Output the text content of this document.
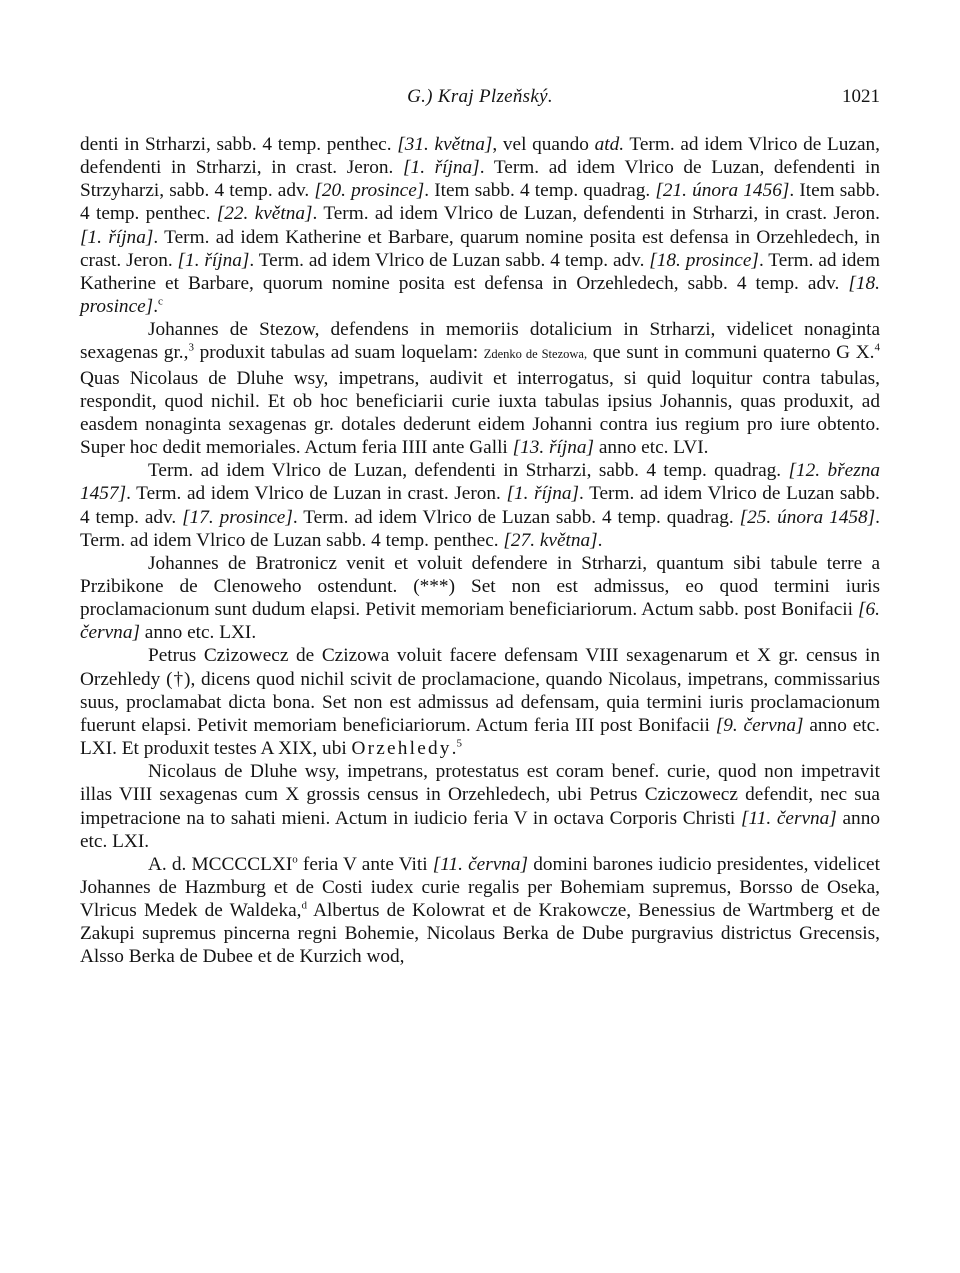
G.) Kraj Plzeňský.	1021

denti in Strharzi, sabb. 4 temp. penthec. [31. května], vel quando atd. Term. ad idem Vlrico de Luzan, defendenti in Strharzi, in crast. Jeron. [1. října]. Term. ad idem Vlrico de Luzan, defendenti in Strzyharzi, sabb. 4 temp. adv. [20. prosince]. Item sabb. 4 temp. quadrag. [21. února 1456]. Item sabb. 4 temp. penthec. [22. května]. Term. ad idem Vlrico de Luzan, defendenti in Strharzi, in crast. Jeron. [1. října]. Term. ad idem Katherine et Barbare, quarum nomine posita est defensa in Orzehledech, in crast. Jeron. [1. října]. Term. ad idem Vlrico de Luzan sabb. 4 temp. adv. [18. prosince]. Term. ad idem Katherine et Barbare, quorum nomine posita est defensa in Orzehledech, sabb. 4 temp. adv. [18. prosince].$^c$

Johannes de Stezow, defendens in memoriis dotalicium in Strharzi, videlicet nonaginta sexagenas gr.,$^3$ produxit tabulas ad suam loquelam: Zdenko de Stezowa, que sunt in communi quaterno G X.$^4$ Quas Nicolaus de Dluhe wsy, impetrans, audivit et interrogatus, si quid loquitur contra tabulas, respondit, quod nichil. Et ob hoc beneficiarii curie iuxta tabulas ipsius Johannis, quas produxit, ad easdem nonaginta sexagenas gr. dotales dederunt eidem Johanni contra ius regium pro iure obtento. Super hoc dedit memoriales. Actum feria IIII ante Galli [13. října] anno etc. LVI.

Term. ad idem Vlrico de Luzan, defendenti in Strharzi, sabb. 4 temp. quadrag. [12. března 1457]. Term. ad idem Vlrico de Luzan in crast. Jeron. [1. října]. Term. ad idem Vlrico de Luzan sabb. 4 temp. adv. [17. prosince]. Term. ad idem Vlrico de Luzan sabb. 4 temp. quadrag. [25. února 1458]. Term. ad idem Vlrico de Luzan sabb. 4 temp. penthec. [27. května].

Johannes de Bratronicz venit et voluit defendere in Strharzi, quantum sibi tabule terre a Przibikone de Clenoweho ostendunt. (***) Set non est admissus, eo quod termini iuris proclamacionum sunt dudum elapsi. Petivit memoriam beneficiariorum. Actum sabb. post Bonifacii [6. června] anno etc. LXI.

Petrus Czizowecz de Czizowa voluit facere defensam VIII sexagenarum et X gr. census in Orzehledy (†), dicens quod nichil scivit de proclamacione, quando Nicolaus, impetrans, commissarius suus, proclamabat dicta bona. Set non est admissus ad defensam, quia termini iuris proclamacionum fuerunt elapsi. Petivit memoriam beneficiariorum. Actum feria III post Bonifacii [9. června] anno etc. LXI. Et produxit testes A XIX, ubi Orzehledy.$^5$

Nicolaus de Dluhe wsy, impetrans, protestatus est coram benef. curie, quod non impetravit illas VIII sexagenas cum X grossis census in Orzehledech, ubi Petrus Cziczowecz defendit, nec sua impetracione na to sahati mieni. Actum in iudicio feria V in octava Corporis Christi [11. června] anno etc. LXI.

A. d. MCCCCLXI$^o$ feria V ante Viti [11. června] domini barones iudicio presidentes, videlicet Johannes de Hazmburg et de Costi iudex curie regalis per Bohemiam supremus, Borsso de Oseka, Vlricus Medek de Waldeka,$^d$ Albertus de Kolowrat et de Krakowcze, Benessius de Wartmberg et de Zakupi supremus pincerna regni Bohemie, Nicolaus Berka de Dube purgravius districtus Grecensis, Alsso Berka de Dubee et de Kurzich wod,
